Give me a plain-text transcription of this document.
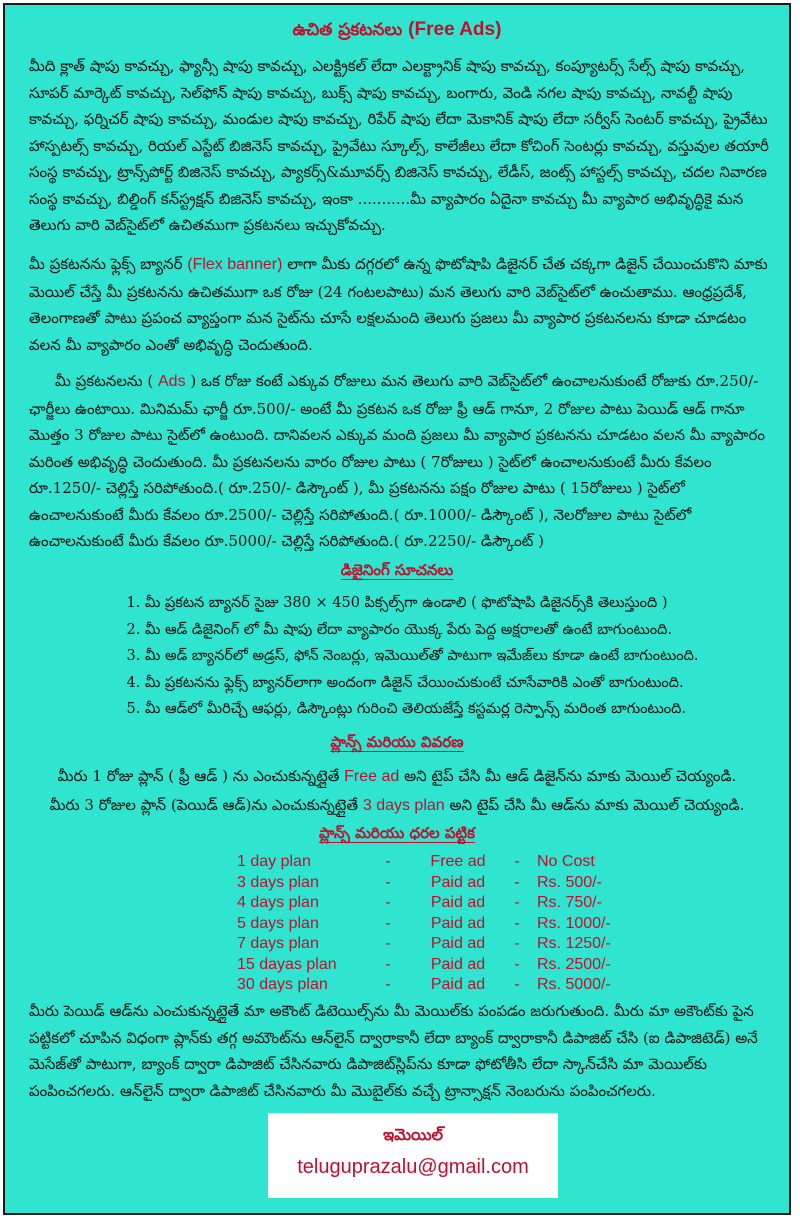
ఉచిత ప్రకటనలు (Free Ads)

మీది క్లాత్ షాపు కావచ్చు, ఫ్యాన్సీ షాపు కావచ్చు, ఎలక్ట్రికల్ లేదా ఎలక్ట్రానిక్ షాపు కావచ్చు, కంప్యూటర్స్ సేల్స్ షాపు కావచ్చు, సూపర్ మార్కెట్ కావచ్చు, సెల్‌ఫోన్ షాపు కావచ్చు, బుక్స్ షాపు కావచ్చు, బంగారు, వెండి నగల షాపు కావచ్చు, నావల్టీ షాపు కావచ్చు, ఫర్నిచర్ షాపు కావచ్చు, మండుల షాపు కావచ్చు, రిపేర్ షాపు లేదా మెకానిక్ షాపు లేదా సర్వీస్ సెంటర్ కావచ్చు, ప్రైవేటు హాస్పటల్స్ కావచ్చు, రియల్ ఎస్టేట్ బిజినెస్ కావచ్చు, ప్రైవేటు స్కూల్స్, కాలేజీలు లేదా కోచింగ్ సెంటర్లు కావచ్చు, వస్తువుల తయారీ సంస్థ కావచ్చు, ట్రాన్స్‌పోర్ట్ బిజినెస్ కావచ్చు, ప్యాకర్స్&మూవర్స్ బిజినెస్ కావచ్చు, లేడీస్, జంట్స్ హాస్టల్స్ కావచ్చు, చదల నివారణ సంస్థ కావచ్చు, బిల్డింగ్ కన్‌స్ట్రక్షన్ బిజినెస్ కావచ్చు, ఇంకా ...........మీ వ్యాపారం ఏదైనా కావచ్చు మీ వ్యాపార అభివృద్ధికై మన తెలుగు వారి వెబ్‌సైట్‌లో ఉచితముగా ప్రకటనలు ఇచ్చుకోవచ్చు.

మీ ప్రకటనను ఫ్లెక్స్ బ్యానర్ (Flex banner) లాగా మీకు దగ్గరలో ఉన్న ఫొటోషాపి డిజైనర్ చేత చక్కగా డిజైన్ చేయించుకొని మాకు మెయిల్ చేస్తే మీ ప్రకటనను ఉచితముగా ఒక రోజు (24 గంటలపాటు) మన తెలుగు వారి వెబ్‌సైట్‌లో ఉంచుతాము. ఆంధ్రప్రదేశ్, తెలంగాణతో పాటు ప్రపంచ వ్యాప్తంగా మన సైట్‌ను చూసే లక్షలమంది తెలుగు ప్రజలు మీ వ్యాపార ప్రకటనలను కూడా చూడటం వలన మీ వ్యాపారం ఎంతో అభివృద్ధి చెందుతుంది.

మీ ప్రకటనలను ( Ads ) ఒక రోజు కంటే ఎక్కువ రోజులు మన తెలుగు వారి వెబ్‌సైట్‌లో ఉంచాలనుకుంటే రోజుకు రూ.250/- ఛార్జీలు ఉంటాయి. మినిమమ్ ఛార్జీ రూ.500/- అంటే మీ ప్రకటన ఒక రోజు ఫ్రీ ఆడ్ గానూ, 2 రోజుల పాటు పెయిడ్ ఆడ్ గానూ మొత్తం 3 రోజుల పాటు సైట్‌లో ఉంటుంది. దానివలన ఎక్కువ మంది ప్రజలు మీ వ్యాపార ప్రకటనను చూడటం వలన మీ వ్యాపారం మరింత అభివృద్ధి చెందుతుంది. మీ ప్రకటనలను వారం రోజుల పాటు ( 7రోజులు ) సైట్‌లో ఉంచాలనుకుంటే మీరు కేవలం రూ.1250/- చెల్లిస్తే సరిపోతుంది.( రూ.250/- డిస్కౌంట్ ), మీ ప్రకటనను పక్షం రోజుల పాటు ( 15రోజులు ) సైట్‌లో ఉంచాలనుకుంటే మీరు కేవలం రూ.2500/- చెల్లిస్తే సరిపోతుంది.( రూ.1000/- డిస్కౌంట్ ), నెలరోజుల పాటు సైట్‌లో ఉంచాలనుకుంటే మీరు కేవలం రూ.5000/- చెల్లిస్తే సరిపోతుంది.( రూ.2250/- డిస్కౌంట్ )

డిజైనింగ్ సూచనలు
1. మీ ప్రకటన బ్యానర్ సైజు 380 × 450 పిక్సల్స్‌గా ఉండాలి ( ఫొటోషాపి డిజైనర్స్‌కి తెలుస్తుంది )
2. మీ ఆడ్ డిజైనింగ్ లో మీ షాపు లేదా వ్యాపారం యొక్క పేరు పెద్ద అక్షరాలతో ఉంటే బాగుంటుంది.
3. మీ అడ్ బ్యానర్‌లో అడ్రస్, ఫోన్ నెంబర్లు, ఇమెయిల్‌తో పాటుగా ఇమేజ్‌లు కూడా ఉంటే బాగుంటుంది.
4. మీ ప్రకటనను ఫ్లెక్స్ బ్యానర్‌లాగా అందంగా డిజైన్ చేయించుకుంటే చూసేవారికి ఎంతో బాగుంటుంది.
5. మీ ఆడ్‌లో మీరిచ్చే ఆఫర్లు, డిస్కౌంట్లు గురించి తెలియజేస్తే కస్టమర్ల రెస్పాన్స్ మరింత బాగుంటుంది.
ప్లాన్స్ మరియు వివరణ
మీరు 1 రోజు ప్లాన్ ( ఫ్రీ ఆడ్ ) ను ఎంచుకున్నట్లైతే Free ad అని టైప్ చేసి మీ ఆడ్ డిజైన్‌ను మాకు మెయిల్ చెయ్యండి.
మీరు 3 రోజుల ప్లాన్ (పెయిడ్ ఆడ్)ను ఎంచుకున్నట్లైతే 3 days plan అని టైప్ చేసి మీ ఆడ్‌ను మాకు మెయిల్ చెయ్యండి.
ప్లాన్స్ మరియు ధరల పట్టిక
1 day plan	-	Free ad	-	No Cost
3 days plan	-	Paid ad	-	Rs. 500/-
4 days plan	-	Paid ad	-	Rs. 750/-
5 days plan	-	Paid ad	-	Rs. 1000/-
7 days plan	-	Paid ad	-	Rs. 1250/-
15 dayas plan	-	Paid ad	-	Rs. 2500/-
30 days plan	-	Paid ad	-	Rs. 5000/-

మీరు పెయిడ్ ఆడ్‌ను ఎంచుకున్నట్లైతే మా అకౌంట్ డిటెయిల్స్‌ను మీ మెయిల్‌కు పంపడం జరుగుతుంది. మీరు మా అకౌంట్‌కు పైన పట్టికలో చూపిన విధంగా ప్లాన్‌కు తగ్గ అమౌంట్‌ను ఆన్‌లైన్ ద్వారాకానీ లేదా బ్యాంక్ ద్వారాకానీ డిపాజిట్ చేసి (ఐ డిపాజిటెడ్) అనే మెసేజ్‌తో పాటుగా, బ్యాంక్ ద్వారా డిపాజిట్ చేసినవారు డిపాజిట్‌స్లిప్‌ను కూడా ఫోటోతీసి లేదా స్కాన్‌చేసి మా మెయిల్‌కు పంపించగలరు. ఆన్‌లైన్ ద్వారా డిపాజిట్ చేసినవారు మీ మొబైల్‌కు వచ్చే ట్రాన్సాక్షన్ నెంబరును పంపించగలరు.

ఇమెయిల్
teluguprazalu@gmail.com
